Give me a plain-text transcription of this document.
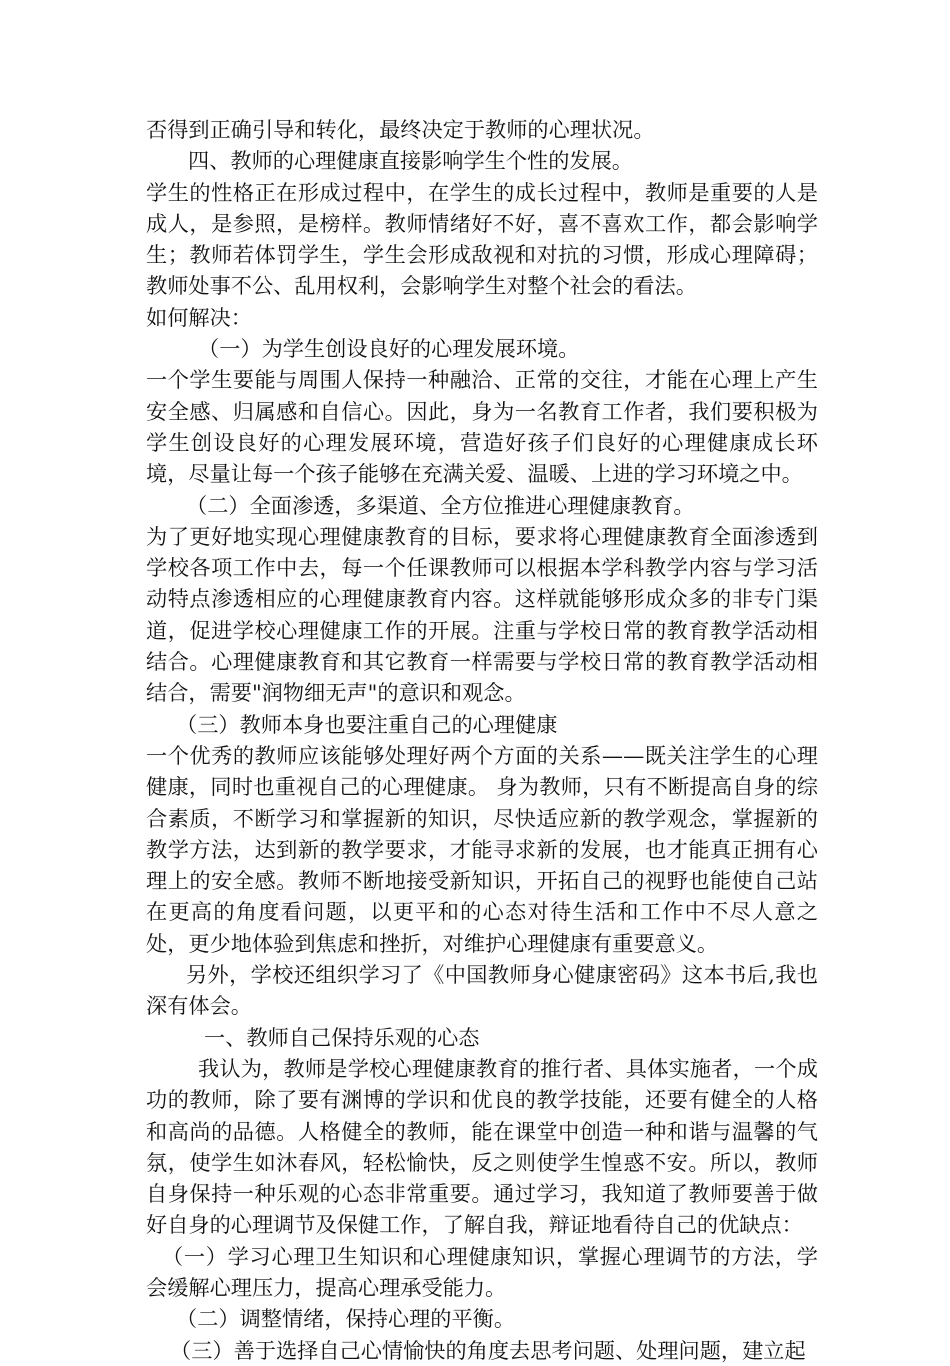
否得到正确引导和转化，最终决定于教师的心理状况。

四、教师的心理健康直接影响学生个性的发展。

学生的性格正在形成过程中，在学生的成长过程中，教师是重要的人是成人，是参照，是榜样。教师情绪好不好，喜不喜欢工作，都会影响学生；教师若体罚学生，学生会形成敌视和对抗的习惯，形成心理障碍；教师处事不公、乱用权利，会影响学生对整个社会的看法。

如何解决：

（一）为学生创设良好的心理发展环境。

一个学生要能与周围人保持一种融洽、正常的交往，才能在心理上产生安全感、归属感和自信心。因此，身为一名教育工作者，我们要积极为学生创设良好的心理发展环境，营造好孩子们良好的心理健康成长环境，尽量让每一个孩子能够在充满关爱、温暖、上进的学习环境之中。

（二）全面渗透，多渠道、全方位推进心理健康教育。

为了更好地实现心理健康教育的目标，要求将心理健康教育全面渗透到学校各项工作中去，每一个任课教师可以根据本学科教学内容与学习活动特点渗透相应的心理健康教育内容。这样就能够形成众多的非专门渠道，促进学校心理健康工作的开展。注重与学校日常的教育教学活动相结合。心理健康教育和其它教育一样需要与学校日常的教育教学活动相结合，需要"润物细无声"的意识和观念。

（三）教师本身也要注重自己的心理健康

一个优秀的教师应该能够处理好两个方面的关系——既关注学生的心理健康，同时也重视自己的心理健康。 身为教师，只有不断提高自身的综合素质，不断学习和掌握新的知识，尽快适应新的教学观念，掌握新的教学方法，达到新的教学要求，才能寻求新的发展，也才能真正拥有心理上的安全感。教师不断地接受新知识，开拓自己的视野也能使自己站在更高的角度看问题，以更平和的心态对待生活和工作中不尽人意之处，更少地体验到焦虑和挫折，对维护心理健康有重要意义。

另外，学校还组织学习了《中国教师身心健康密码》这本书后,我也深有体会。

一、教师自己保持乐观的心态

我认为，教师是学校心理健康教育的推行者、具体实施者，一个成功的教师，除了要有渊博的学识和优良的教学技能，还要有健全的人格和高尚的品德。人格健全的教师，能在课堂中创造一种和谐与温馨的气氛，使学生如沐春风，轻松愉快，反之则使学生惶惑不安。所以，教师自身保持一种乐观的心态非常重要。通过学习，我知道了教师要善于做好自身的心理调节及保健工作，了解自我，辩证地看待自己的优缺点：

（一）学习心理卫生知识和心理健康知识，掌握心理调节的方法，学会缓解心理压力，提高心理承受能力。

（二）调整情绪，保持心理的平衡。

（三）善于选择自己心情愉快的角度去思考问题、处理问题，建立起
